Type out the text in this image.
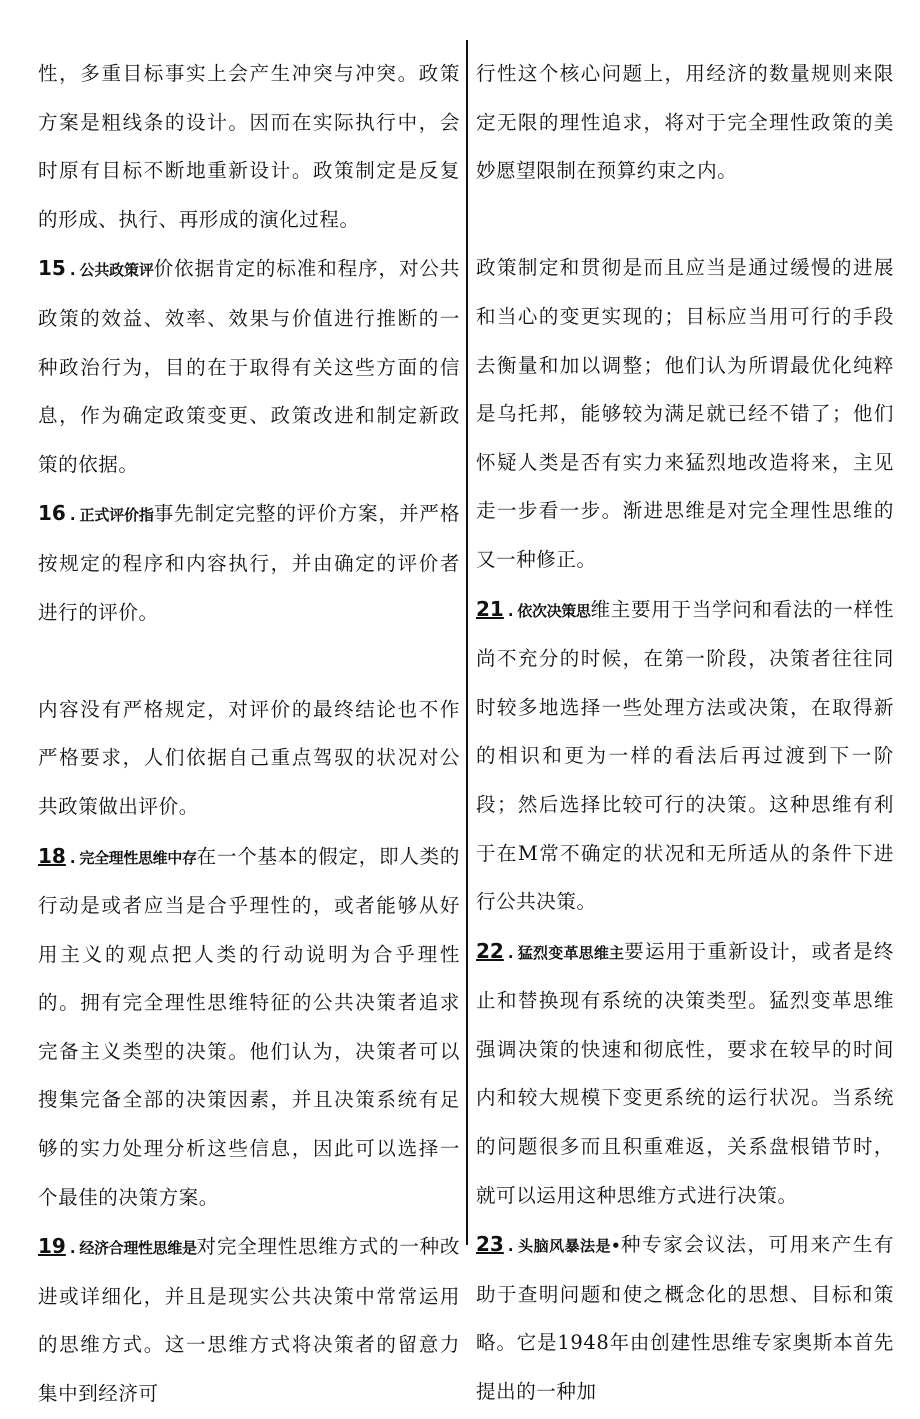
性，多重目标事实上会产生冲突与冲突。政策方案是粗线条的设计。因而在实际执行中，会时原有目标不断地重新设计。政策制定是反复的形成、执行、再形成的演化过程。

15 . 公共政策评价依据肯定的标准和程序，对公共政策的效益、效率、效果与价值进行推断的一种政治行为，目的在于取得有关这些方面的信息，作为确定政策变更、政策改进和制定新政策的依据。

16 . 正式评价指事先制定完整的评价方案，并严格按规定的程序和内容执行，并由确定的评价者进行的评价。

内容没有严格规定，对评价的最终结论也不作严格要求，人们依据自己重点驾驭的状况对公共政策做出评价。

18 . 完全理性思维中存在一个基本的假定，即人类的行动是或者应当是合乎理性的，或者能够从好用主义的观点把人类的行动说明为合乎理性的。拥有完全理性思维特征的公共决策者追求完备主义类型的决策。他们认为，决策者可以搜集完备全部的决策因素，并且决策系统有足够的实力处理分析这些信息，因此可以选择一个最佳的决策方案。

19 . 经济合理性思维是对完全理性思维方式的一种改进或详细化，并且是现实公共决策中常常运用的思维方式。这一思维方式将决策者的留意力集中到经济可

行性这个核心问题上，用经济的数量规则来限定无限的理性追求，将对于完全理性政策的美妙愿望限制在预算约束之内。

政策制定和贯彻是而且应当是通过缓慢的进展和当心的变更实现的；目标应当用可行的手段去衡量和加以调整；他们认为所谓最优化纯粹是乌托邦，能够较为满足就已经不错了；他们怀疑人类是否有实力来猛烈地改造将来，主见走一步看一步。渐进思维是对完全理性思维的又一种修正。

21 . 依次决策思维主要用于当学问和看法的一样性尚不充分的时候，在第一阶段，决策者往往同时较多地选择一些处理方法或决策，在取得新的相识和更为一样的看法后再过渡到下一阶段；然后选择比较可行的决策。这种思维有利于在M常不确定的状况和无所适从的条件下进行公共决策。

22 . 猛烈变革思维主要运用于重新设计，或者是终止和替换现有系统的决策类型。猛烈变革思维强调决策的快速和彻底性，要求在较早的时间内和较大规模下变更系统的运行状况。当系统的问题很多而且积重难返，关系盘根错节时，就可以运用这种思维方式进行决策。

23 . 头脑风暴法是•种专家会议法，可用来产生有助于查明问题和使之概念化的思想、目标和策略。它是1948年由创建性思维专家奥斯本首先提出的一种加
